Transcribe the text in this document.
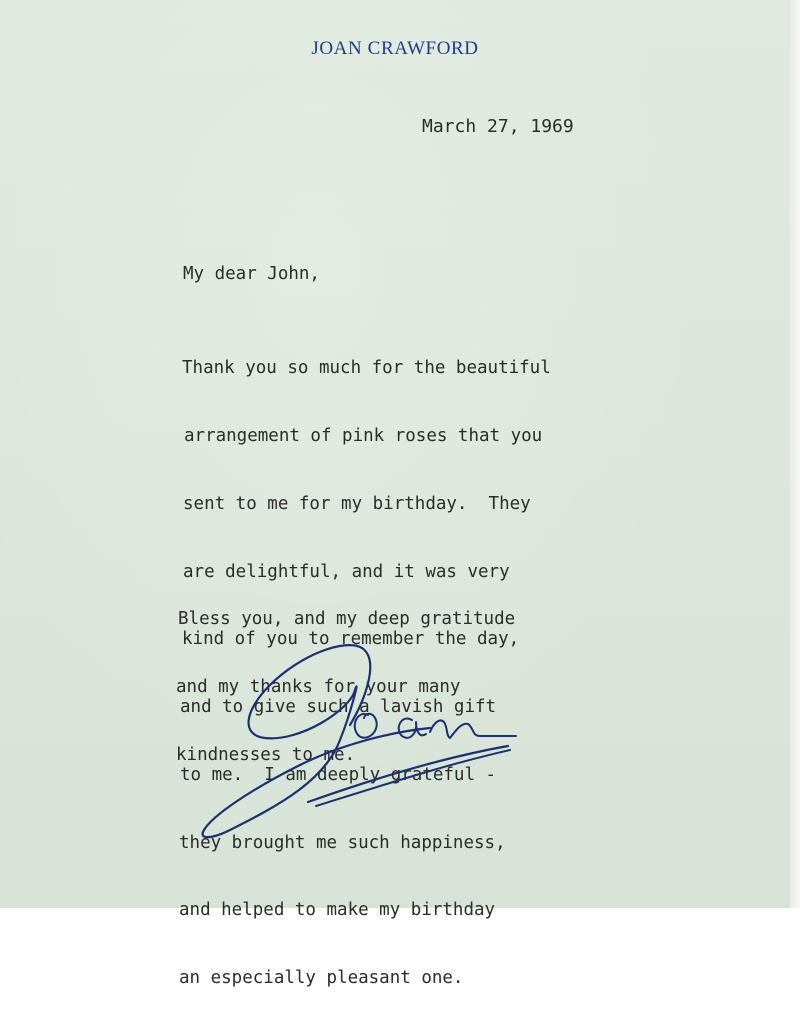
JOAN CRAWFORD
March 27, 1969
My dear John,

Thank you so much for the beautiful

arrangement of pink roses that you

sent to me for my birthday.  They

are delightful, and it was very

kind of you to remember the day,

and to give such a lavish gift

to me.  I am deeply grateful -

they brought me such happiness,

and helped to make my birthday

an especially pleasant one.

Bless you, and my deep gratitude

and my thanks for your many

kindnesses to me.
